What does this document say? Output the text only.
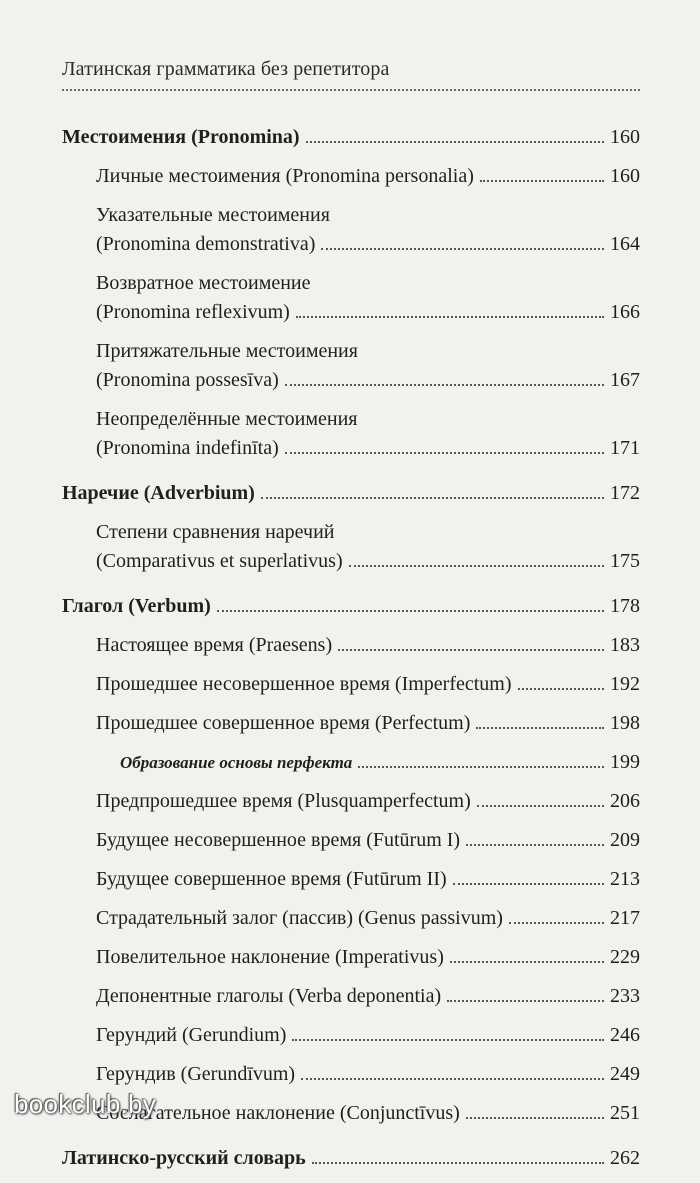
Латинская грамматика без репетитора
Местоимения (Pronomina)	160
Личные местоимения (Pronomina personalia)	160
Указательные местоимения
(Pronomina demonstrativa)	164
Возвратное местоимение
(Pronomina reflexivum)	166
Притяжательные местоимения
(Pronomina possesīva)	167
Неопределённые местоимения
(Pronomina indefinīta)	171
Наречие (Adverbium)	172
Степени сравнения наречий
(Comparativus et superlativus)	175
Глагол (Verbum)	178
Настоящее время (Praesens)	183
Прошедшее несовершенное время (Imperfectum)	192
Прошедшее совершенное время (Perfectum)	198
Образование основы перфекта	199
Предпрошедшее время (Plusquamperfectum)	206
Будущее несовершенное время (Futūrum I)	209
Будущее совершенное время (Futūrum II)	213
Страдательный залог (пассив) (Genus passivum)	217
Повелительное наклонение (Imperativus)	229
Депонентные глаголы (Verba deponentia)	233
Герундий (Gerundium)	246
Герундив (Gerundīvum)	249
Сослагательное наклонение (Conjunctīvus)	251
Латинско-русский словарь	262
bookclub.by
